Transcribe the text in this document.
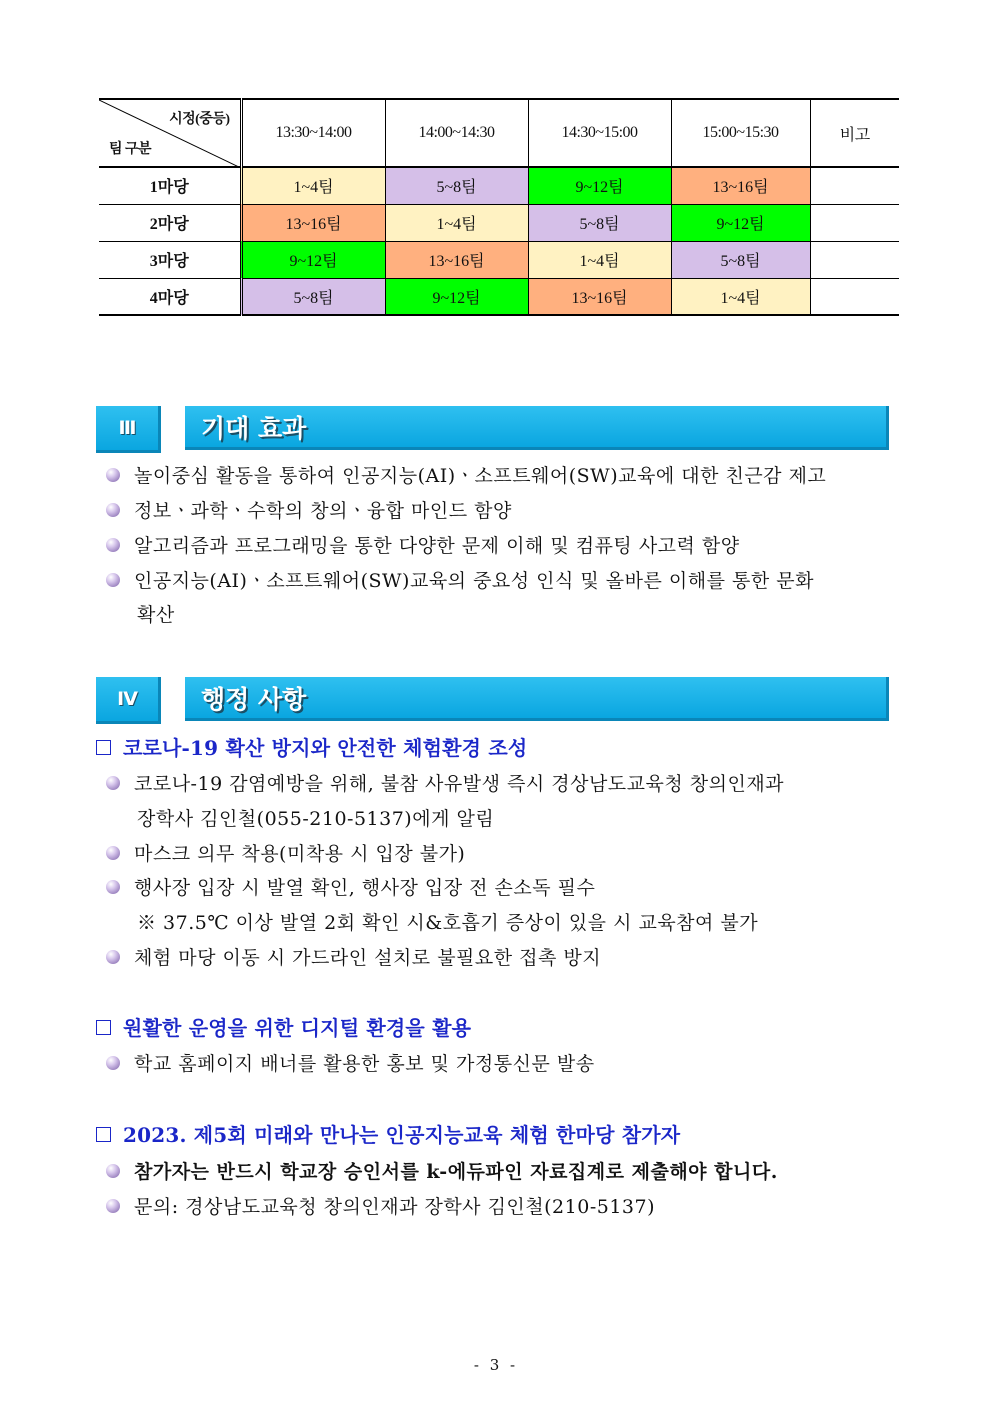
시정(중등)
팀 구분	13:30~14:00	14:00~14:30	14:30~15:00	15:00~15:30	비고
1마당	1~4팀	5~8팀	9~12팀	13~16팀	
2마당	13~16팀	1~4팀	5~8팀	9~12팀	
3마당	9~12팀	13~16팀	1~4팀	5~8팀	
4마당	5~8팀	9~12팀	13~16팀	1~4팀	
Ⅲ	기대 효과
놀이중심 활동을 통하여 인공지능(AI)ㆍ소프트웨어(SW)교육에 대한 친근감 제고
정보ㆍ과학ㆍ수학의 창의ㆍ융합 마인드 함양
알고리즘과 프로그래밍을 통한 다양한 문제 이해 및 컴퓨팅 사고력 함양
인공지능(AI)ㆍ소프트웨어(SW)교육의 중요성 인식 및 올바른 이해를 통한 문화
확산
Ⅳ	행정 사항
코로나-19 확산 방지와 안전한 체험환경 조성
코로나-19 감염예방을 위해, 불참 사유발생 즉시 경상남도교육청 창의인재과
장학사 김인철(055-210-5137)에게 알림
마스크 의무 착용(미착용 시 입장 불가)
행사장 입장 시 발열 확인, 행사장 입장 전 손소독 필수
※ 37.5℃ 이상 발열 2회 확인 시&호흡기 증상이 있을 시 교육참여 불가
체험 마당 이동 시 가드라인 설치로 불필요한 접촉 방지
원활한 운영을 위한 디지털 환경을 활용
학교 홈페이지 배너를 활용한 홍보 및 가정통신문 발송
2023. 제5회 미래와 만나는 인공지능교육 체험 한마당 참가자
참가자는 반드시 학교장 승인서를 k-에듀파인 자료집계로 제출해야 합니다.
문의: 경상남도교육청 창의인재과 장학사 김인철(210-5137)
- 3 -
